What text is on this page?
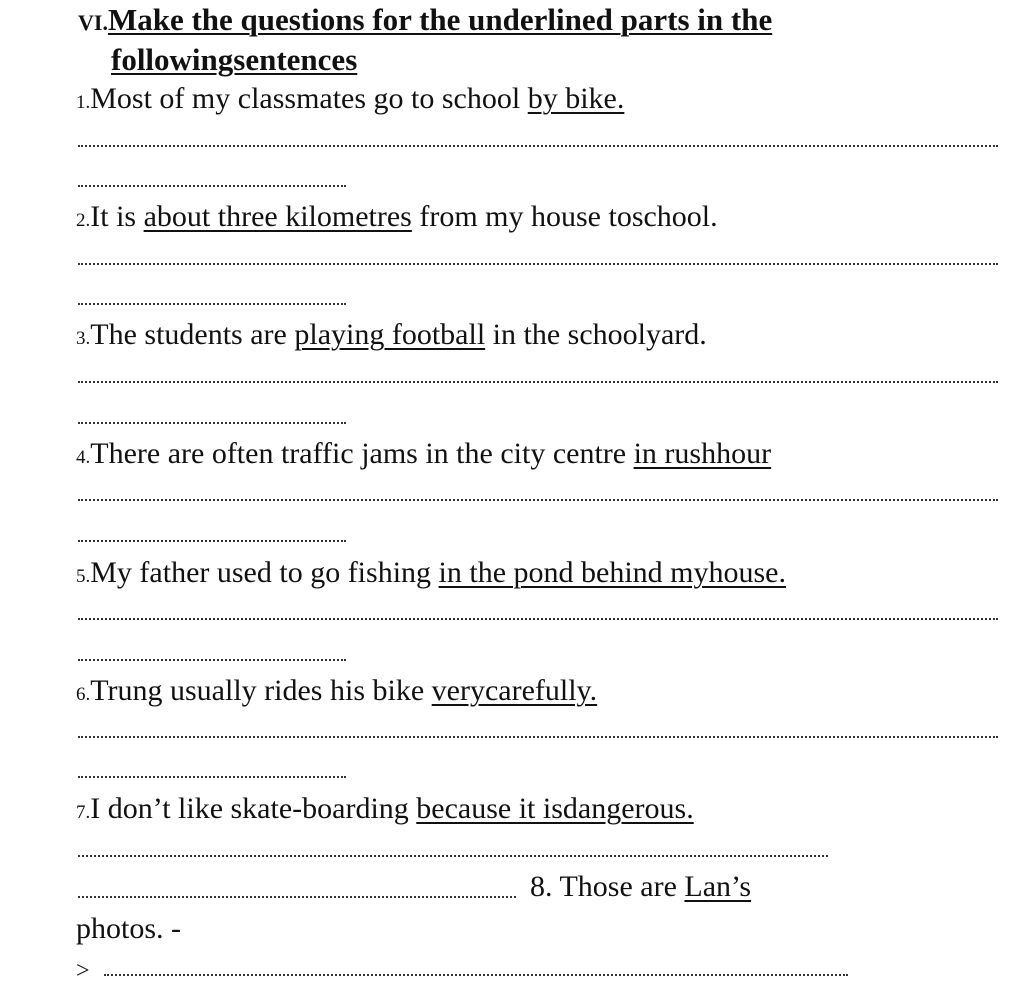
VI.Make the questions for the underlined parts in the
followingsentences
1.Most of my classmates go to school by bike.
2.It is about three kilometres from my house toschool.
3.The students are playing football in the schoolyard.
4.There are often traffic jams in the city centre in rushhour
5.My father used to go fishing in the pond behind myhouse.
6.Trung usually rides his bike verycarefully.
7.I don’t like skate-boarding because it isdangerous.
8. Those are Lan’s
photos. -
>
